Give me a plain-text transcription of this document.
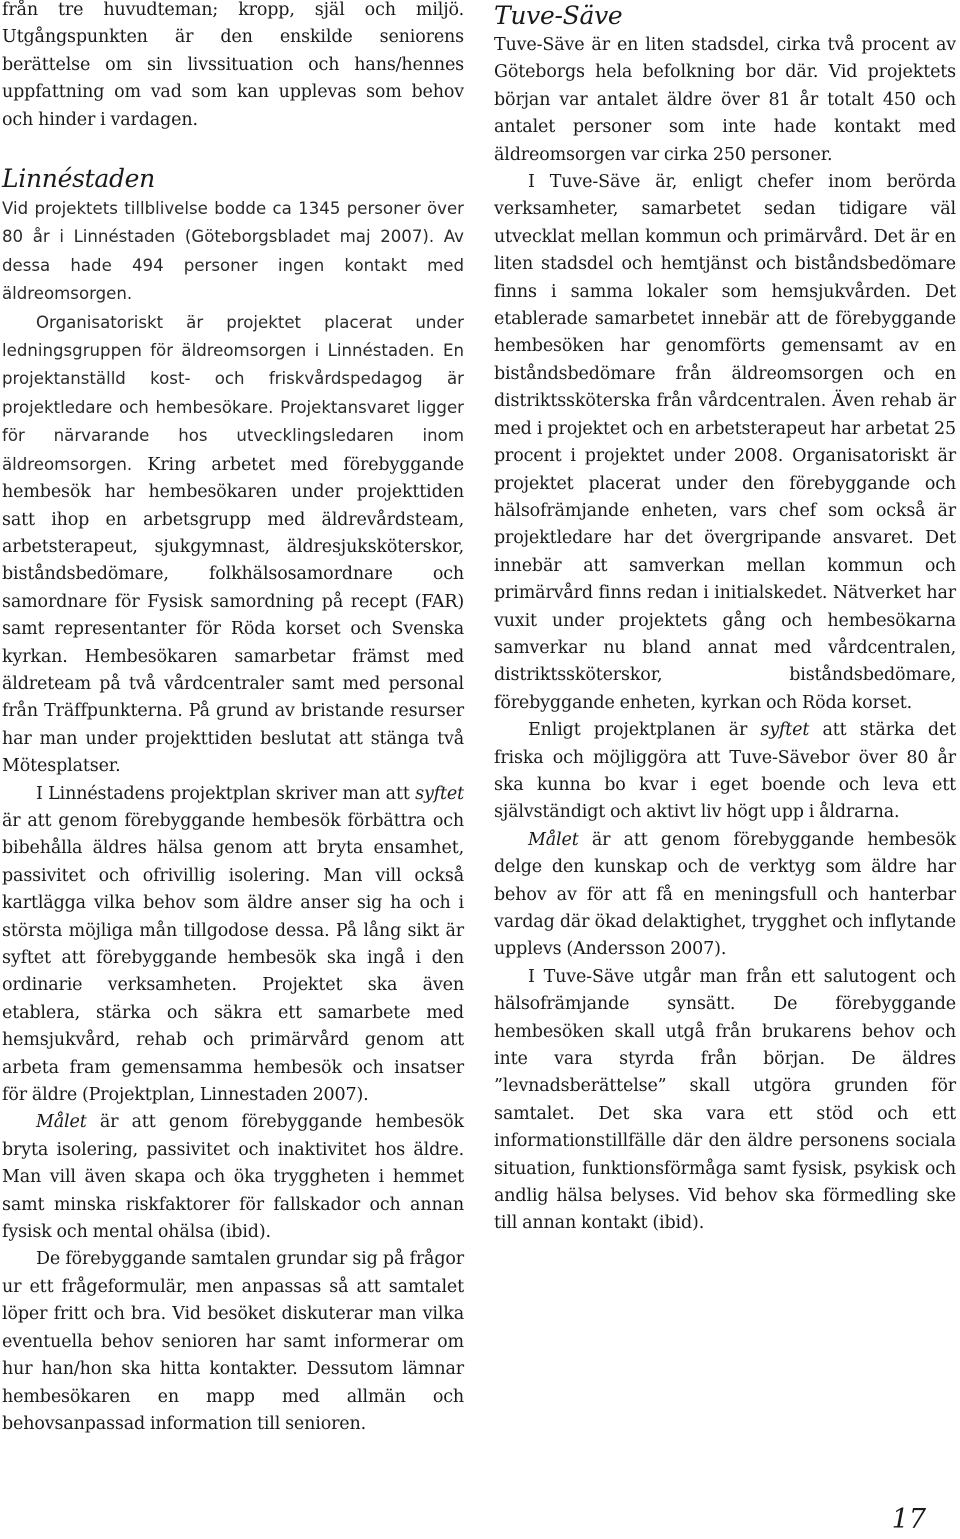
från tre huvudteman; kropp, själ och miljö. Utgångspunkten är den enskilde seniorens berättelse om sin livssituation och hans/hennes uppfattning om vad som kan upplevas som behov och hinder i vardagen.

Linnéstaden

Vid projektets tillblivelse bodde ca 1345 personer över 80 år i Linnéstaden (Göteborgsbladet maj 2007). Av dessa hade 494 personer ingen kontakt med äldreomsorgen.

Organisatoriskt är projektet placerat under ledningsgruppen för äldreomsorgen i Linnéstaden. En projektanställd kost- och friskvårdspedagog är projektledare och hembesökare. Projektansvaret ligger för närvarande hos utvecklingsledaren inom äldreomsorgen. Kring arbetet med förebyggande hembesök har hembesökaren under projekttiden satt ihop en arbetsgrupp med äldrevårdsteam, arbetsterapeut, sjukgymnast, äldresjuksköterskor, biståndsbedömare, folkhälsosamordnare och samordnare för Fysisk samordning på recept (FAR) samt representanter för Röda korset och Svenska kyrkan. Hembesökaren samarbetar främst med äldreteam på två vårdcentraler samt med personal från Träffpunkterna. På grund av bristande resurser har man under projekttiden beslutat att stänga två Mötesplatser.

I Linnéstadens projektplan skriver man att syftet är att genom förebyggande hembesök förbättra och bibehålla äldres hälsa genom att bryta ensamhet, passivitet och ofrivillig isolering. Man vill också kartlägga vilka behov som äldre anser sig ha och i största möjliga mån tillgodose dessa. På lång sikt är syftet att förebyggande hembesök ska ingå i den ordinarie verksamheten. Projektet ska även etablera, stärka och säkra ett samarbete med hemsjukvård, rehab och primärvård genom att arbeta fram gemensamma hembesök och insatser för äldre (Projektplan, Linnestaden 2007).

Målet är att genom förebyggande hembesök bryta isolering, passivitet och inaktivitet hos äldre. Man vill även skapa och öka tryggheten i hemmet samt minska riskfaktorer för fallskador och annan fysisk och mental ohälsa (ibid).

De förebyggande samtalen grundar sig på frågor ur ett frågeformulär, men anpassas så att samtalet löper fritt och bra. Vid besöket diskuterar man vilka eventuella behov senioren har samt informerar om hur han/hon ska hitta kontakter. Dessutom lämnar hembesökaren en mapp med allmän och behovsanpassad information till senioren.

Tuve-Säve

Tuve-Säve är en liten stadsdel, cirka två procent av Göteborgs hela befolkning bor där. Vid projektets början var antalet äldre över 81 år totalt 450 och antalet personer som inte hade kontakt med äldreomsorgen var cirka 250 personer.

I Tuve-Säve är, enligt chefer inom berörda verksamheter, samarbetet sedan tidigare väl utvecklat mellan kommun och primärvård. Det är en liten stadsdel och hemtjänst och biståndsbedömare finns i samma lokaler som hemsjukvården. Det etablerade samarbetet innebär att de förebyggande hembesöken har genomförts gemensamt av en biståndsbedömare från äldreomsorgen och en distriktssköterska från vårdcentralen. Även rehab är med i projektet och en arbetsterapeut har arbetat 25 procent i projektet under 2008. Organisatoriskt är projektet placerat under den förebyggande och hälsofrämjande enheten, vars chef som också är projektledare har det övergripande ansvaret. Det innebär att samverkan mellan kommun och primärvård finns redan i initialskedet. Nätverket har vuxit under projektets gång och hembesökarna samverkar nu bland annat med vårdcentralen, distriktssköterskor, biståndsbedömare, förebyggande enheten, kyrkan och Röda korset.

Enligt projektplanen är syftet att stärka det friska och möjliggöra att Tuve-Sävebor över 80 år ska kunna bo kvar i eget boende och leva ett självständigt och aktivt liv högt upp i åldrarna.

Målet är att genom förebyggande hembesök delge den kunskap och de verktyg som äldre har behov av för att få en meningsfull och hanterbar vardag där ökad delaktighet, trygghet och inflytande upplevs (Andersson 2007).

I Tuve-Säve utgår man från ett salutogent och hälsofrämjande synsätt. De förebyggande hembesöken skall utgå från brukarens behov och inte vara styrda från början. De äldres ”levnadsberättelse” skall utgöra grunden för samtalet. Det ska vara ett stöd och ett informationstillfälle där den äldre personens sociala situation, funktionsförmåga samt fysisk, psykisk och andlig hälsa belyses. Vid behov ska förmedling ske till annan kontakt (ibid).

17
